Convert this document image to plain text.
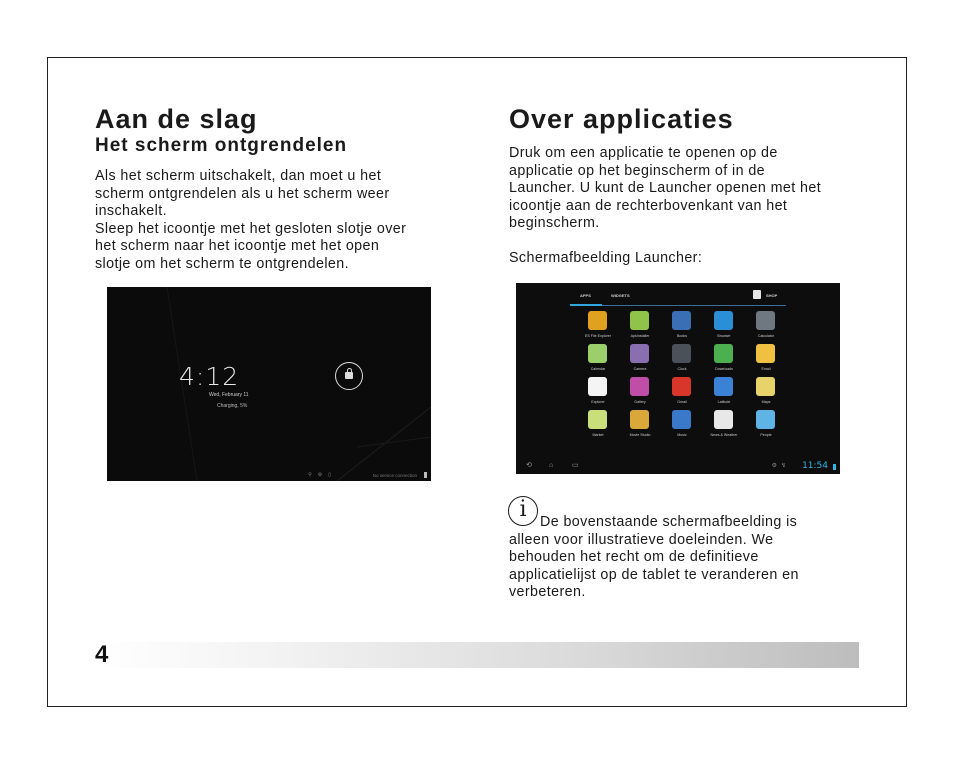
Aan de slag
Het scherm ontgrendelen

Als het scherm uitschakelt, dan moet u het
scherm ontgrendelen als u het scherm weer
inschakelt.
Sleep het icoontje met het gesloten slotje over
het scherm naar het icoontje met het open
slotje om het scherm te ontgrendelen.

4:12
Wed, February 11
Charging, 5%
⚲⚙▯	No service connection
Over applicaties

Druk om een applicatie te openen op de
applicatie op het beginscherm of in de
Launcher. U kunt de Launcher openen met het
icoontje aan de rechterbovenkant van het
beginscherm.

Schermafbeelding Launcher:

APPS	WIDGETS	SHOP
ES File Explorer	ApkInstaller	Books	Browser	Calculator
Calendar	Camera	Clock	Downloads	Email
Explorer	Gallery	Gmail	Latitude	Maps
Market	Movie Studio	Music	News & Weather	People
⟲ ⌂	▭	⚙↯ 11:54
i De bovenstaande schermafbeelding is
alleen voor illustratieve doeleinden. We
behouden het recht om de definitieve
applicatielijst op de tablet te veranderen en
verbeteren.

4
